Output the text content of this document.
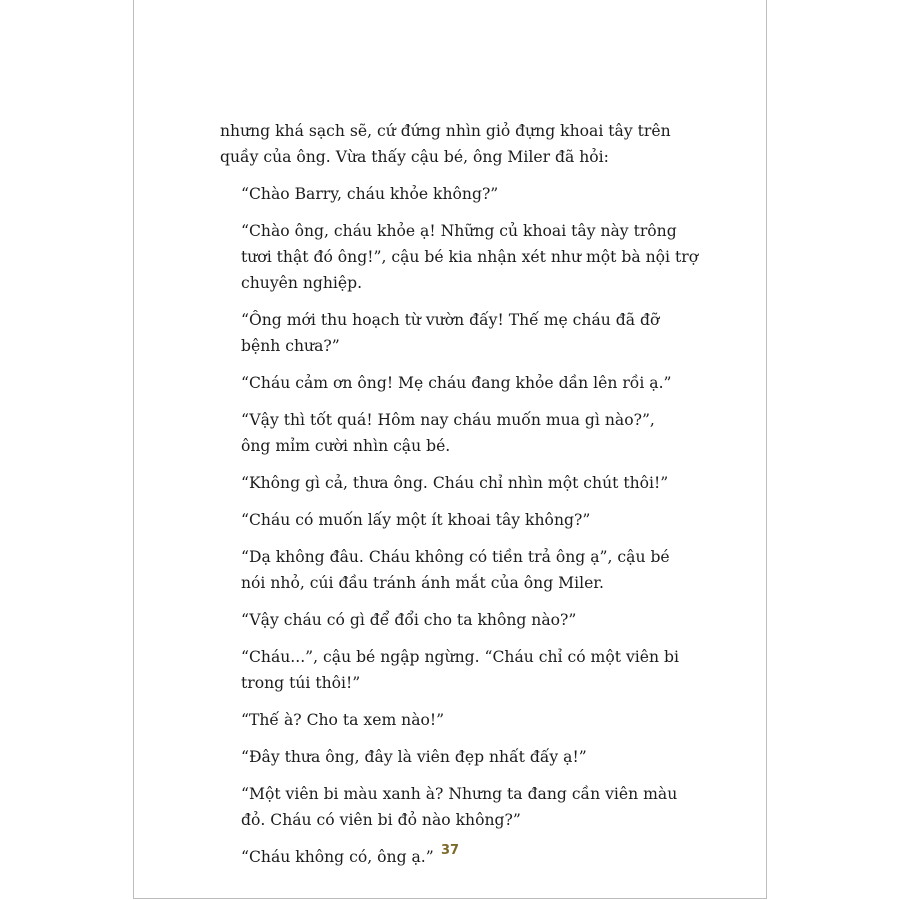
nhưng khá sạch sẽ, cứ đứng nhìn giỏ đựng khoai tây trên
quầy của ông. Vừa thấy cậu bé, ông Miler đã hỏi:

“Chào Barry, cháu khỏe không?”

“Chào ông, cháu khỏe ạ! Những củ khoai tây này trông
tươi thật đó ông!”, cậu bé kia nhận xét như một bà nội trợ
chuyên nghiệp.

“Ông mới thu hoạch từ vườn đấy! Thế mẹ cháu đã đỡ
bệnh chưa?”

“Cháu cảm ơn ông! Mẹ cháu đang khỏe dần lên rồi ạ.”

“Vậy thì tốt quá! Hôm nay cháu muốn mua gì nào?”,
ông mỉm cười nhìn cậu bé.

“Không gì cả, thưa ông. Cháu chỉ nhìn một chút thôi!”

“Cháu có muốn lấy một ít khoai tây không?”

“Dạ không đâu. Cháu không có tiền trả ông ạ”, cậu bé
nói nhỏ, cúi đầu tránh ánh mắt của ông Miler.

“Vậy cháu có gì để đổi cho ta không nào?”

“Cháu...”, cậu bé ngập ngừng. “Cháu chỉ có một viên bi
trong túi thôi!”

“Thế à? Cho ta xem nào!”

“Đây thưa ông, đây là viên đẹp nhất đấy ạ!”

“Một viên bi màu xanh à? Nhưng ta đang cần viên màu
đỏ. Cháu có viên bi đỏ nào không?”

“Cháu không có, ông ạ.” 37
